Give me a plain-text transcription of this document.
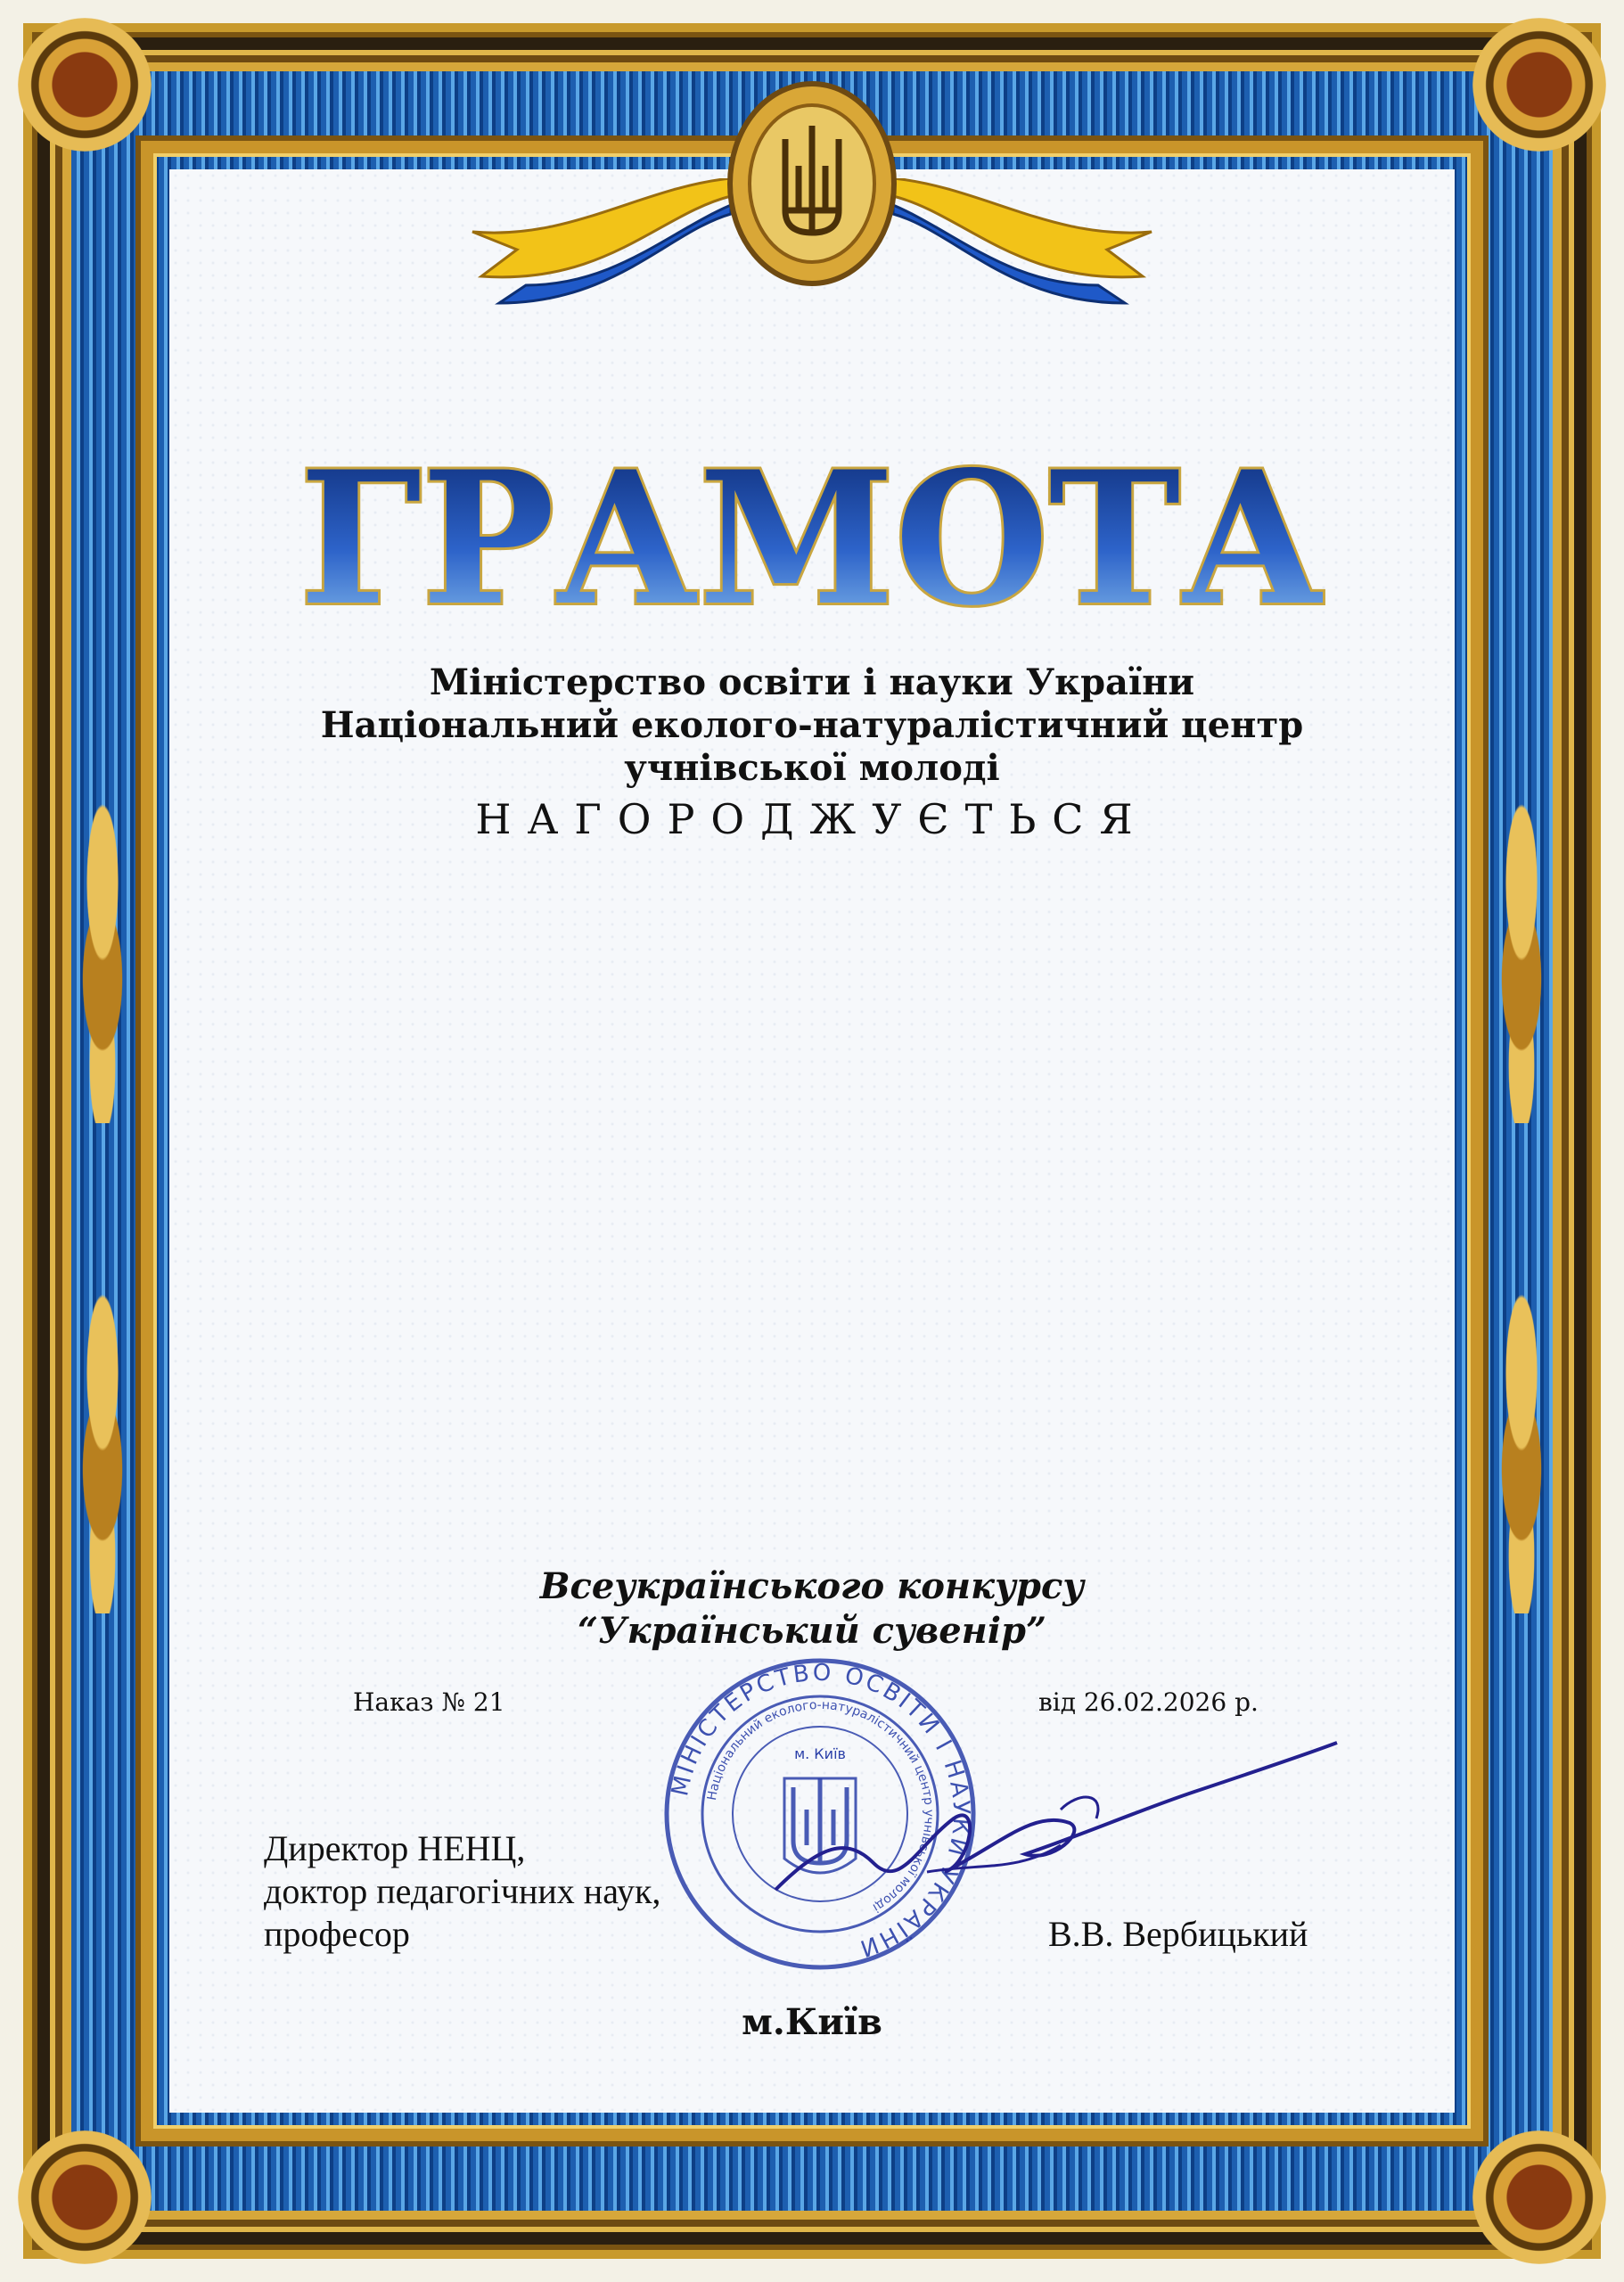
ГРАМОТА
Міністерство освіти і науки України
Національний еколого-натуралістичний центр
учнівської молоді
НАГОРОДЖУЄТЬСЯ
Всеукраїнського конкурсу
“Український сувенір”
Наказ № 21	від 26.02.2026 р.
МІНІСТЕРСТВО ОСВІТИ І НАУКИ УКРАЇНИ
Національний еколого-натуралістичний центр учнівської молоді
м. Київ
Директор НЕНЦ,
доктор педагогічних наук,
професор	В.В. Вербицький
м.Київ
